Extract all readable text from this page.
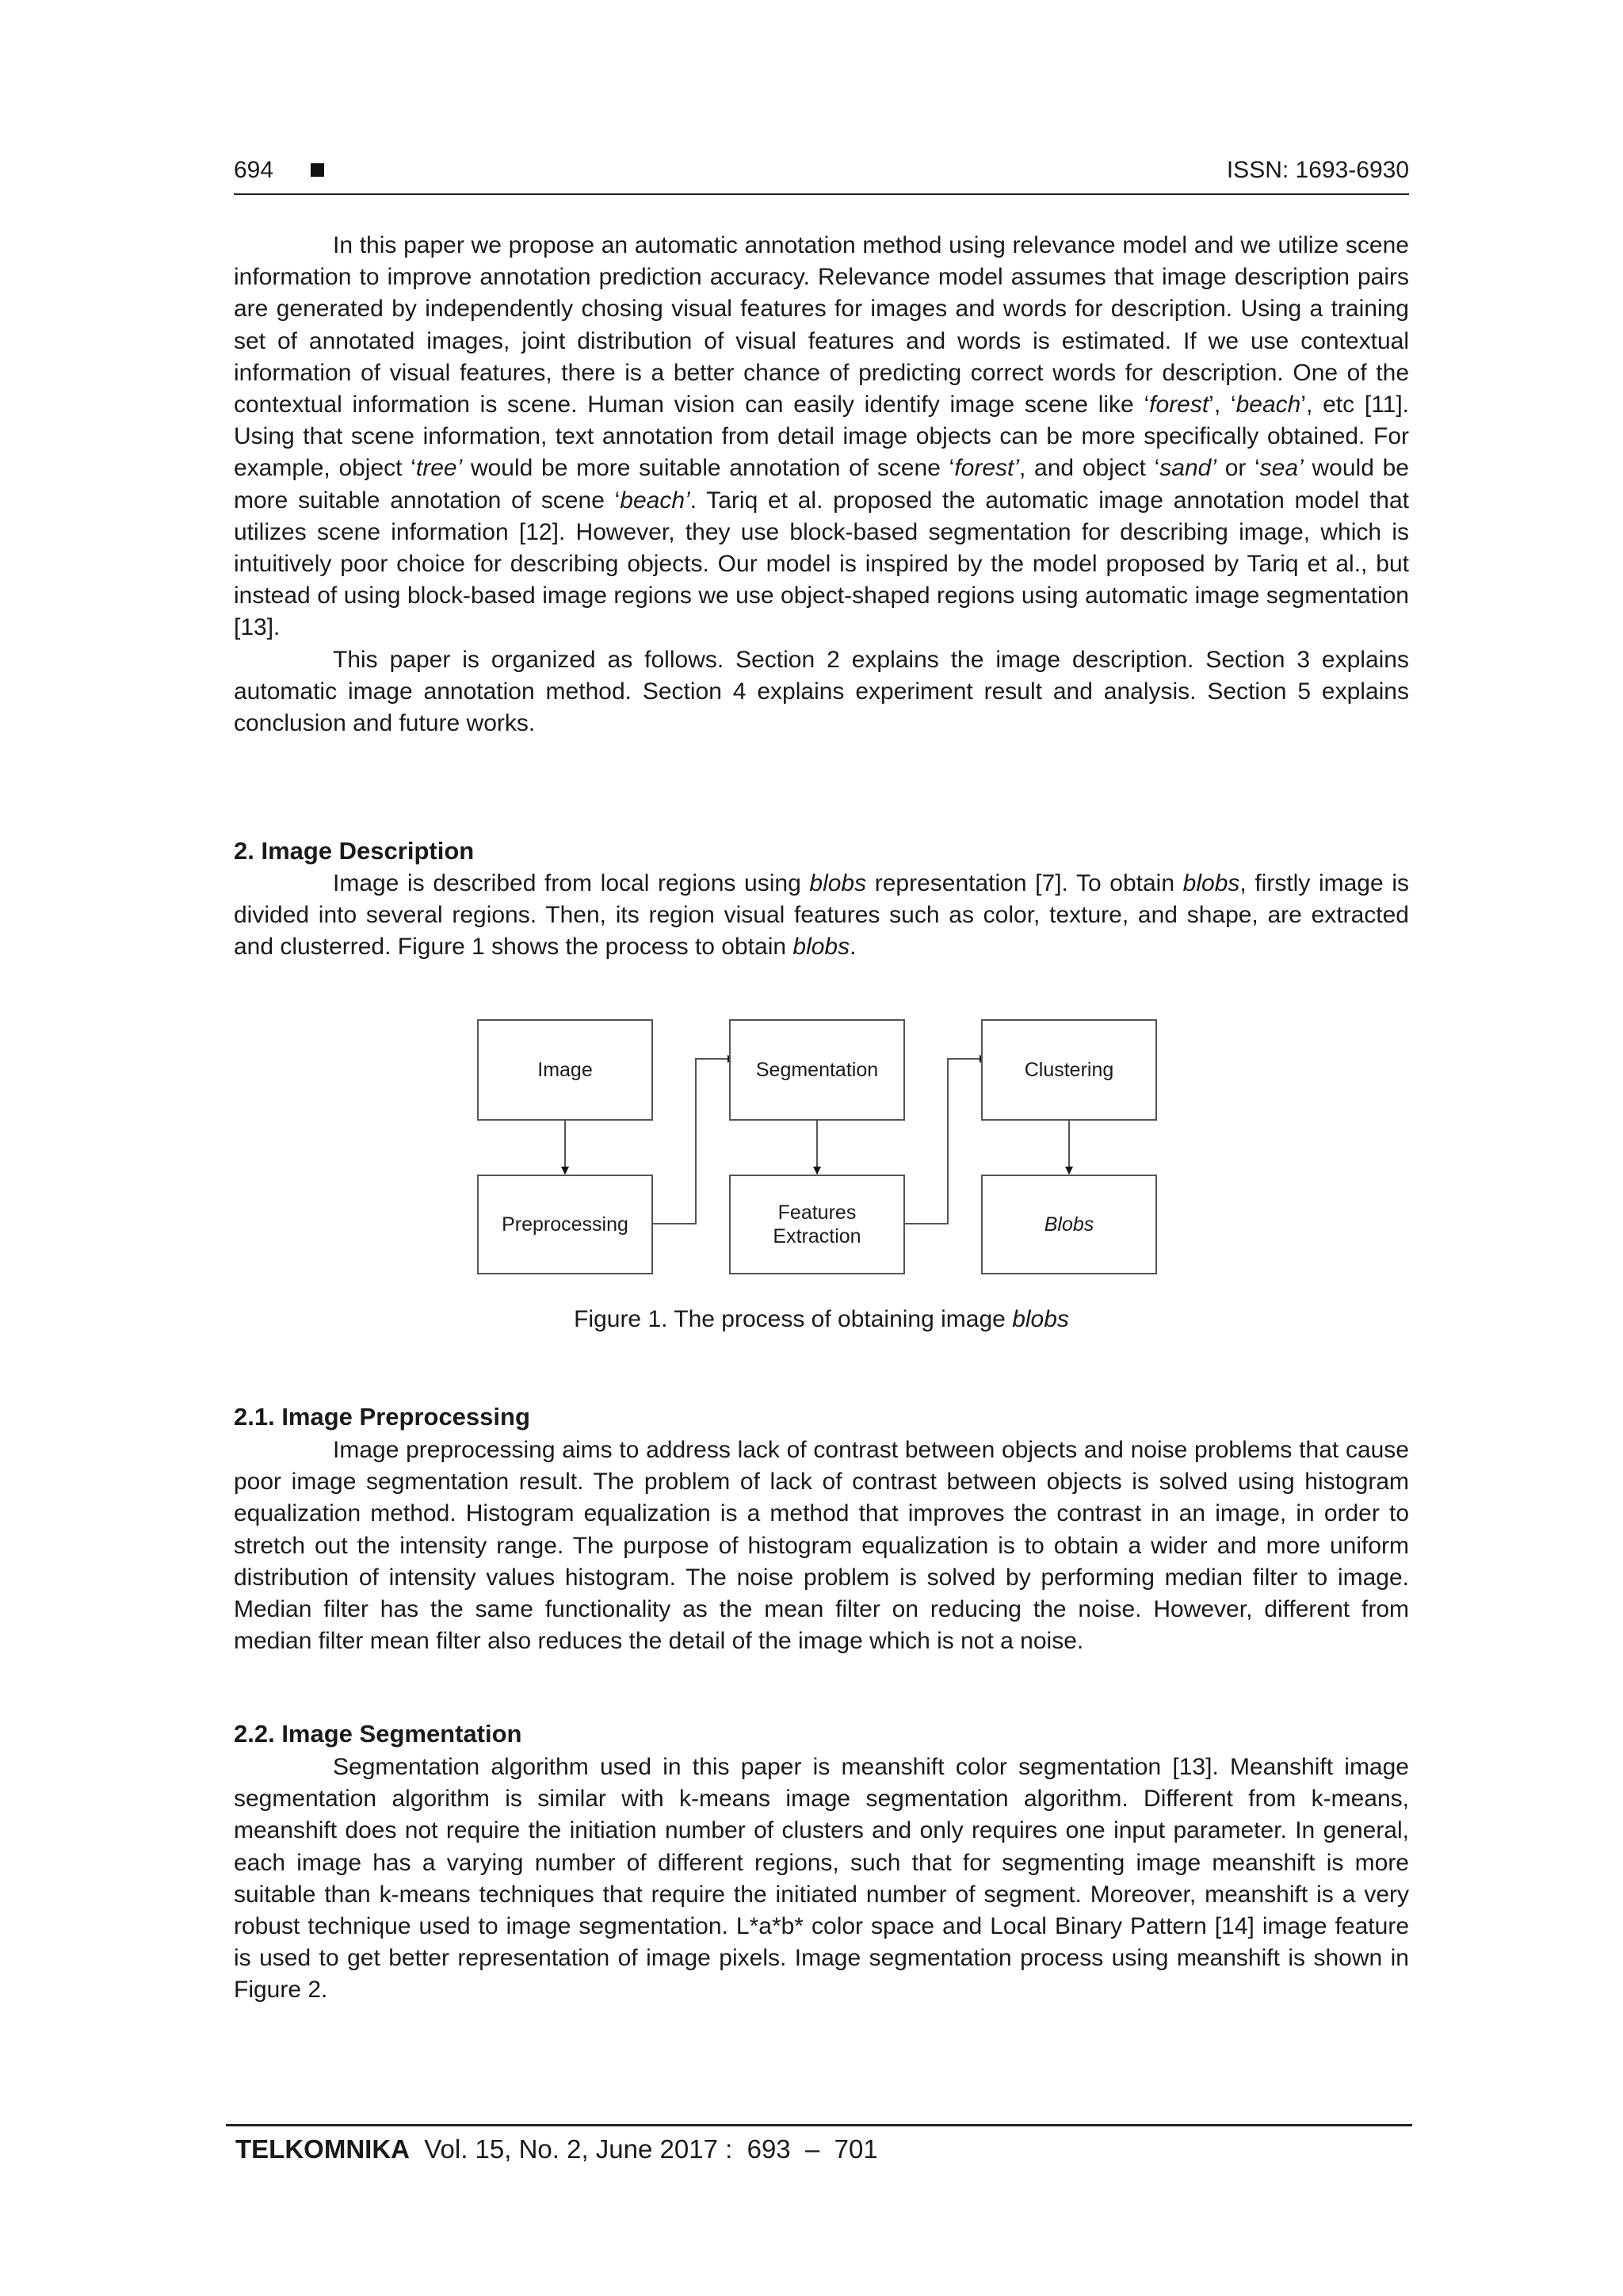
694	ISSN: 1693-6930

In this paper we propose an automatic annotation method using relevance model and we utilize scene information to improve annotation prediction accuracy. Relevance model assumes that image description pairs are generated by independently chosing visual features for images and words for description. Using a training set of annotated images, joint distribution of visual features and words is estimated. If we use contextual information of visual features, there is a better chance of predicting correct words for description. One of the contextual information is scene. Human vision can easily identify image scene like ‘forest’, ‘beach’, etc [11]. Using that scene information, text annotation from detail image objects can be more specifically obtained. For example, object ‘tree’ would be more suitable annotation of scene ‘forest’, and object ‘sand’ or ‘sea’ would be more suitable annotation of scene ‘beach’. Tariq et al. proposed the automatic image annotation model that utilizes scene information [12]. However, they use block-based segmentation for describing image, which is intuitively poor choice for describing objects. Our model is inspired by the model proposed by Tariq et al., but instead of using block-based image regions we use object-shaped regions using automatic image segmentation [13].

This paper is organized as follows. Section 2 explains the image description. Section 3 explains automatic image annotation method. Section 4 explains experiment result and analysis. Section 5 explains conclusion and future works.

2. Image Description

Image is described from local regions using blobs representation [7]. To obtain blobs, firstly image is divided into several regions. Then, its region visual features such as color, texture, and shape, are extracted and clusterred. Figure 1 shows the process to obtain blobs.

Image	Segmentation	Clustering
Preprocessing
Features
Extraction
Blobs
Figure 1. The process of obtaining image blobs
2.1. Image Preprocessing

Image preprocessing aims to address lack of contrast between objects and noise problems that cause poor image segmentation result. The problem of lack of contrast between objects is solved using histogram equalization method. Histogram equalization is a method that improves the contrast in an image, in order to stretch out the intensity range. The purpose of histogram equalization is to obtain a wider and more uniform distribution of intensity values histogram. The noise problem is solved by performing median filter to image. Median filter has the same functionality as the mean filter on reducing the noise. However, different from median filter mean filter also reduces the detail of the image which is not a noise.

2.2. Image Segmentation

Segmentation algorithm used in this paper is meanshift color segmentation [13]. Meanshift image segmentation algorithm is similar with k-means image segmentation algorithm. Different from k-means, meanshift does not require the initiation number of clusters and only requires one input parameter. In general, each image has a varying number of different regions, such that for segmenting image meanshift is more suitable than k-means techniques that require the initiated number of segment. Moreover, meanshift is a very robust technique used to image segmentation. L*a*b* color space and Local Binary Pattern [14] image feature is used to get better representation of image pixels. Image segmentation process using meanshift is shown in Figure 2.

TELKOMNIKA  Vol. 15, No. 2, June 2017 :  693  –  701
